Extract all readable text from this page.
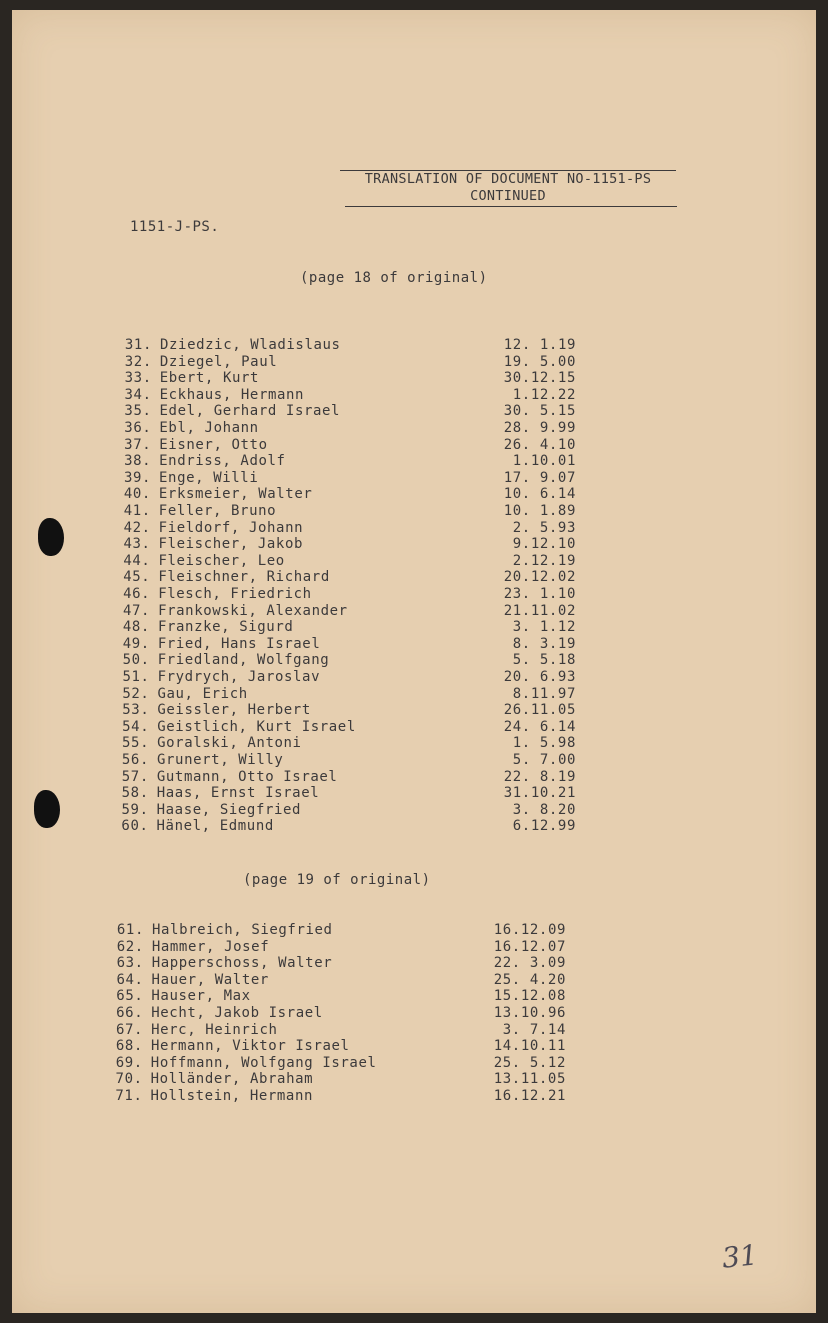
TRANSLATION OF DOCUMENT NO-1151-PS
CONTINUED
1151-J-PS.
(page 18 of original)
31. Dziedzic, Wladislaus	12. 1.19
32. Dziegel, Paul	19. 5.00
33. Ebert, Kurt	30.12.15
34. Eckhaus, Hermann	1.12.22
35. Edel, Gerhard Israel	30. 5.15
36. Ebl, Johann	28. 9.99
37. Eisner, Otto	26. 4.10
38. Endriss, Adolf	1.10.01
39. Enge, Willi	17. 9.07
40. Erksmeier, Walter	10. 6.14
41. Feller, Bruno	10. 1.89
42. Fieldorf, Johann	2. 5.93
43. Fleischer, Jakob	9.12.10
44. Fleischer, Leo	2.12.19
45. Fleischner, Richard	20.12.02
46. Flesch, Friedrich	23. 1.10
47. Frankowski, Alexander	21.11.02
48. Franzke, Sigurd	3. 1.12
49. Fried, Hans Israel	8. 3.19
50. Friedland, Wolfgang	5. 5.18
51. Frydrych, Jaroslav	20. 6.93
52. Gau, Erich	8.11.97
53. Geissler, Herbert	26.11.05
54. Geistlich, Kurt Israel	24. 6.14
55. Goralski, Antoni	1. 5.98
56. Grunert, Willy	5. 7.00
57. Gutmann, Otto Israel	22. 8.19
58. Haas, Ernst Israel	31.10.21
59. Haase, Siegfried	3. 8.20
60. Hänel, Edmund	6.12.99
(page 19 of original)
61. Halbreich, Siegfried	16.12.09
62. Hammer, Josef	16.12.07
63. Happerschoss, Walter	22. 3.09
64. Hauer, Walter	25. 4.20
65. Hauser, Max	15.12.08
66. Hecht, Jakob Israel	13.10.96
67. Herc, Heinrich	3. 7.14
68. Hermann, Viktor Israel	14.10.11
69. Hoffmann, Wolfgang Israel	25. 5.12
70. Holländer, Abraham	13.11.05
71. Hollstein, Hermann	16.12.21
31
